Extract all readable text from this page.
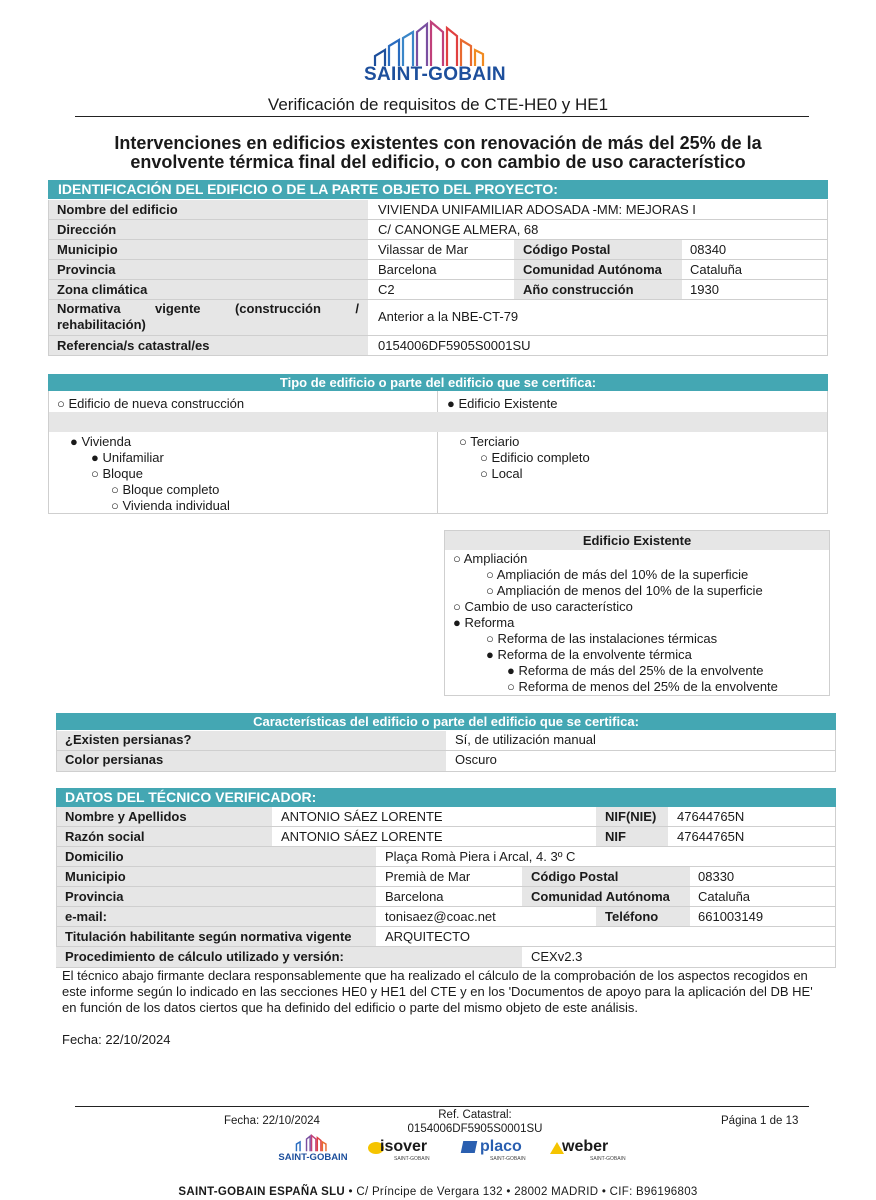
SAINT-GOBAIN
Verificación de requisitos de CTE-HE0 y HE1
Intervenciones en edificios existentes con renovación de más del 25% de la
envolvente térmica final del edificio, o con cambio de uso característico
IDENTIFICACIÓN DEL EDIFICIO O DE LA PARTE OBJETO DEL PROYECTO:
Nombre del edificio	VIVIENDA UNIFAMILIAR ADOSADA -MM: MEJORAS I
Dirección	C/ CANONGE ALMERA, 68
Municipio	Vilassar de Mar	Código Postal	08340
Provincia	Barcelona	Comunidad Autónoma Cataluña
Zona climática	C2	Año construcción	1930
Normativa vigente (construcción /
rehabilitación)
Anterior a la NBE-CT-79
Referencia/s catastral/es	0154006DF5905S0001SU
Tipo de edificio o parte del edificio que se certifica:
○ Edificio de nueva construcción	● Edificio Existente
● Vivienda
● Unifamiliar
○ Bloque
○ Bloque completo
○ Vivienda individual
○ Terciario
○ Edificio completo
○ Local
Edificio Existente
○ Ampliación
○ Ampliación de más del 10% de la superficie
○ Ampliación de menos del 10% de la superficie
○ Cambio de uso característico
● Reforma
○ Reforma de las instalaciones térmicas
● Reforma de la envolvente térmica
● Reforma de más del 25% de la envolvente
○ Reforma de menos del 25% de la envolvente
Características del edificio o parte del edificio que se certifica:
¿Existen persianas?	Sí, de utilización manual
Color persianas	Oscuro
DATOS DEL TÉCNICO VERIFICADOR:
Nombre y Apellidos	ANTONIO SÁEZ LORENTE	NIF(NIE) 47644765N
Razón social	ANTONIO SÁEZ LORENTE	NIF	47644765N
Domicilio	Plaça Romà Piera i Arcal, 4. 3º C
Municipio	Premià de Mar	Código Postal	08330
Provincia	Barcelona	Comunidad Autónoma Cataluña
e-mail:	tonisaez@coac.net	Teléfono	661003149
Titulación habilitante según normativa vigente	ARQUITECTO
Procedimiento de cálculo utilizado y versión:	CEXv2.3
El técnico abajo firmante declara responsablemente que ha realizado el cálculo de la comprobación de los aspectos recogidos en
este informe según lo indicado en las secciones HE0 y HE1 del CTE y en los 'Documentos de apoyo para la aplicación del DB HE'
en función de los datos ciertos que ha definido del edificio o parte del mismo objeto de este análisis.
Fecha: 22/10/2024
Fecha: 22/10/2024	Ref. Catastral:
0154006DF5905S0001SU
Página 1 de 13
SAINT-GOBAIN
isover
SAINT-GOBAIN
placo
SAINT-GOBAIN
weber
SAINT-GOBAIN
SAINT-GOBAIN ESPAÑA SLU • C/ Príncipe de Vergara 132 • 28002 MADRID • CIF: B96196803
